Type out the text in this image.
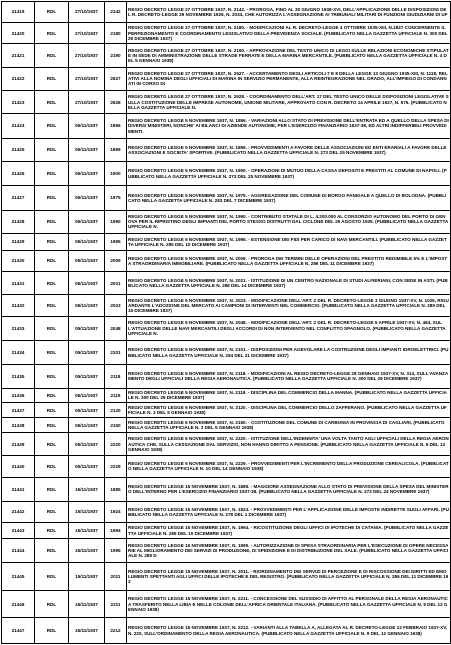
21419	RDL	27/10/1937	2142	REGIO DECRETO LEGGE 27 OTTOBRE 1937, N. 2142. - PROROGA, FINO AL 30 GIUGNO 1938-XVI, DELL'APPLICAZIONE DELLE DISPOSIZIONI DEL R. DECRETO-LEGGE 29 NOVEMBRE 1926, N. 2034, CHE AUTORIZZA L'ASSEGNAZIONE AI TRIBUNALI MILITARI DI FUNZIONI GIUDIZIARIE DI UF
21420	RDL	27/10/1937	2180	REGIO DECRETO LEGGE 27 OTTOBRE 1937, N. 2180. - MODIFICAZIONI AL R. DECRETO-LEGGE 4 OTTOBRE 1935-XIII, N.1827 CONCERNENTE IL PERFEZIONAMENTO E COORDINAMENTO LEGISLATIVO DELLA PREVIDENZA SOCIALE. (PUBBLICATO NELLA GAZZETTA UFFICIALE N. 300 DEL 29 DICEMBRE 1937)
21421	RDL	27/10/1937	2190	REGIO DECRETO LEGGE 27 OTTOBRE 1937, N. 2190. - APPROVAZIONE DEL TESTO UNICO DI LEGGI SULLE RELAZIONI ECONOMICHE STIPULATE IN SEDE DI AMMINISTRAZIONE DELLE STRADE FERRATE E DELLA MARINA MERCANTILE. (PUBBLICATO NELLA GAZZETTA UFFICIALE N. 4 DEL 5 GENNAIO 1938)
21422	RDL	27/10/1937	2627	REGIO DECRETO LEGGE 27 OTTOBRE 1937, N. 2627. - ACCERTAMENTO DEGLI ARTICOLI 7 E 8 DELLA LEGGE 13 GIUGNO 1935-XIII, N. 1118, RELATIVI ALLA NOMINA DEGLI UFFICIALI DI MARINA IN SERVIZIO PERMANENTE, ALLA REINTEGRAZIONE NEL GRADO, ALL'IMPIEGO DI CONDANNATI IN CORSO DI
21423	RDL	27/10/1937	2628	REGIO DECRETO LEGGE 27 OTTOBRE 1937, N. 2628. - COORDINAMENTO DELL'ART. 17 DEL TESTO UNICO DELLE DISPOSIZIONI LEGISLATIVE SULLA COSTITUZIONE DELLE IMPRESE AUTONOME, UNIONE MILITARE, APPROVATO CON R. DECRETO 14 APRILE 1927, N. 575. (PUBBLICATO NELLA GAZZETTA UFFICIALE N.
21424	RDL	05/11/1937	1856	REGIO DECRETO LEGGE 5 NOVEMBRE 1937, N. 1856. - VARIAZIONI ALLO STATO DI PREVISIONE DELL'ENTRATA ED A QUELLO DELLA SPESA DI DIVERSI MINISTERI, NONCHE' AI BILANCI DI AZIENDE AUTONOME, PER L'ESERCIZIO FINANZIARIO 1937-38, ED ALTRI INDIFFERIBILI PROVVEDIMENTI.
21425	RDL	05/11/1937	1899	REGIO DECRETO LEGGE 5 NOVEMBRE 1937, N. 1899. - PROVVEDIMENTI A FAVORE DELLE ASSOCIAZIONI ED ENTI ERARIALI A FAVORE DELLE ASSOCIAZIONI E SOCIETA' SPORTIVE. (PUBBLICATO NELLA GAZZETTA UFFICIALE N. 273 DEL 25 NOVEMBRE 1937)
21426	RDL	05/11/1937	1900	REGIO DECRETO LEGGE 5 NOVEMBRE 1937, N. 1900. - OPERAZIONI DI MUTUO DELLA CASSA DEPOSITI E PRESTITI AL COMUNE DI NAPOLI. (PUBBLICATO NELLA GAZZETTA UFFICIALE N. 273 DEL 25 NOVEMBRE 1937)
21427	RDL	05/11/1937	1975	REGIO DECRETO LEGGE 5 NOVEMBRE 1937, N. 1975. - AGGREGAZIONE DEL COMUNE DI BORGO PANIGALE A QUELLO DI BOLOGNA. (PUBBLICATO NELLA GAZZETTA UFFICIALE N. 283 DEL 7 DICEMBRE 1937)
21428	RDL	05/11/1937	1990	REGIO DECRETO LEGGE 5 NOVEMBRE 1937, N. 1990. - CONTRIBUTO STATALE DI L. 4.200.000 AL CONSORZIO AUTONOMO DEL PORTO DI GENOVA PER IL RIPRISTINO DEGLI IMPIANTI DEL PORTO STESSO DISTRUTTI DAL CICLONE DEL 25 AGOSTO 1935. (PUBBLICATO NELLA GAZZETTA UFFICIALE N.
21429	RDL	05/11/1937	1995	REGIO DECRETO LEGGE 5 NOVEMBRE 1937, N. 1995. - ESTENSIONE DEI FIDI PER CARICO DI NAVI MERCANTILI. (PUBBLICATO NELLA GAZZETTA UFFICIALE N. 285 DEL 10 DICEMBRE 1937)
21430	RDL	05/11/1937	2009	REGIO DECRETO LEGGE 5 NOVEMBRE 1937, N. 2009. - PROROGA DEI TERMINI DELLE OPERAZIONI DEL PRESTITO REDIMIBILE 5% E L'IMPOSTA STRAORDINARIA IMMOBILIARE. (PUBBLICATO NELLA GAZZETTA UFFICIALE N. 286 DEL 11 DICEMBRE 1937)
21431	RDL	05/11/1937	2021	REGIO DECRETO LEGGE 5 NOVEMBRE 1937, N. 2021. - ISTITUZIONE DI UN CENTRO NAZIONALE DI STUDI ALFIERIANI, CON SEDE IN ASTI. (PUBBLICATO NELLA GAZZETTA UFFICIALE N. 288 DEL 14 DICEMBRE 1937)
21432	RDL	05/11/1937	2023	REGIO DECRETO LEGGE 5 NOVEMBRE 1937, N. 2023. - MODIFICAZIONE DELL'ART. 2 DEL R. DECRETO-LEGGE 3 GIUGNO 1937-XV, N. 1025, RIGUARDANTE L'ADOZIONE DEL MERCATO AI CAMPIONI DI INTERVENTI NEL COMMERCIO. (PUBBLICATO NELLA GAZZETTA UFFICIALE N. 289 DEL 15 DICEMBRE 1937)
21433	RDL	05/11/1937	2048	REGIO DECRETO LEGGE 5 NOVEMBRE 1937, N. 2048. - MODIFICAZIONE DELL'ART. 2 DEL R. DECRETO-LEGGE 5 APRILE 1937-XV, N. 464, SULL'ATTUAZIONE DELLE NAVI MERCANTILI DEGLI ACCORDI DI NON INTERVENTO NEL CONFLITTO SPAGNOLO. (PUBBLICATO NELLA GAZZETTA UFFICIALE N.
21434	RDL	05/11/1937	2101	REGIO DECRETO LEGGE 5 NOVEMBRE 1937, N. 2101. - DISPOSIZIONI PER AGEVOLARE LA COSTRUZIONE DEGLI IMPIANTI IDROELETTRICI. (PUBBLICATO NELLA GAZZETTA UFFICIALE N. 294 DEL 21 DICEMBRE 1937)
21435	RDL	05/11/1937	2118	REGIO DECRETO LEGGE 5 NOVEMBRE 1937, N. 2118. - MODIFICAZIONI AL REGIO DECRETO-LEGGE 28 GENNAIO 1937-XV, N. 314, SULL'AVANZAMENTO DEGLI UFFICIALI DELLA REGIA AERONAUTICA. (PUBBLICATO NELLA GAZZETTA UFFICIALE N. 300 DEL 29 DICEMBRE 1937)
21436	RDL	05/11/1937	2119	REGIO DECRETO LEGGE 5 NOVEMBRE 1937, N. 2119. - DISCIPLINA DEL COMMERCIO DELLA MANNA. (PUBBLICATO NELLA GAZZETTA UFFICIALE N. 300 DEL 29 DICEMBRE 1937)
21437	RDL	05/11/1937	2120	REGIO DECRETO LEGGE 5 NOVEMBRE 1937, N. 2120. - DISCIPLINA DEL COMMERCIO DELLO ZAFFERANO. (PUBBLICATO NELLA GAZZETTA UFFICIALE N. 3 DEL 5 GENNAIO 1938)
21438	RDL	05/11/1937	2150	REGIO DECRETO LEGGE 5 NOVEMBRE 1937, N. 2150. - COSTITUZIONE DEL COMUNE DI CARBONIA IN PROVINCIA DI CAGLIARI. (PUBBLICATO NELLA GAZZETTA UFFICIALE N. 3 DEL 5 GENNAIO 1938)
21439	RDL	05/11/1937	2220	REGIO DECRETO LEGGE 5 NOVEMBRE 1937, N. 2220. - ISTITUZIONE DELL'INDENNITA' UNA VOLTA TANTO AGLI UFFICIALI DELLA REGIA AERONAUTICA CHE, SULLA CESSAZIONE DAL SERVIZIO, NON HANNO DIRITTO A PENSIONE. (PUBBLICATO NELLA GAZZETTA UFFICIALE N. 9 DEL 12 GENNAIO 1938)
21440	RDL	05/11/1937	2229	REGIO DECRETO LEGGE 5 NOVEMBRE 1937, N. 2229. - PROVVEDIMENTI PER L'INCREMENTO DELLA PRODUZIONE CEREALICOLA. (PUBBLICATO NELLA GAZZETTA UFFICIALE N. 10 DEL 14 GENNAIO 1938)
21441	RDL	15/11/1937	1885	REGIO DECRETO LEGGE 15 NOVEMBRE 1937, N. 1885. - MAGGIORE ASSEGNAZIONE ALLO STATO DI PREVISIONE DELLA SPESA DEL MINISTERO DELL'INTERNO PER L'ESERCIZIO FINANZIARIO 1937-38. (PUBBLICATO NELLA GAZZETTA UFFICIALE N. 272 DEL 24 NOVEMBRE 1937)
21442	RDL	15/11/1937	1924	REGIO DECRETO LEGGE 15 NOVEMBRE 1937, N. 1924. - PROVVEDIMENTI PER L'APPLICAZIONE DELLE IMPOSTE INDIRETTE SUGLI AFFARI. (PUBBLICATO NELLA GAZZETTA UFFICIALE N. 278 DEL 1 DICEMBRE 1937)
21443	RDL	15/11/1937	1994	REGIO DECRETO LEGGE 15 NOVEMBRE 1937, N. 1994. - RICOSTITUZIONE DEGLI UFFICI DI IPOTECHE DI CATANIA. (PUBBLICATO NELLA GAZZETTA UFFICIALE N. 285 DEL 10 DICEMBRE 1937)
21444	RDL	15/11/1937	1995	REGIO DECRETO LEGGE 15 NOVEMBRE 1937, N. 1995. - AUTORIZZAZIONE DI SPESA STRAORDINARIA PER L'ESECUZIONE DI OPERE NECESSARIE AL MIGLIORAMENTO DEI SERVIZI DI PRODUZIONE, DI SPEDIZIONE E DI DISTRIBUZIONE DEL SALE. (PUBBLICATO NELLA GAZZETTA UFFICIALE N. 285 D
21445	RDL	15/11/1937	2011	REGIO DECRETO LEGGE 15 NOVEMBRE 1937, N. 2011. - RIORDINAMENTO DEI SERVIZI DI PERCEZIONE E DI RISCOSSIONE DEI DIRITTI ED EMOLUMENTI SPETTANTI AGLI UFFICI DELLE IPOTECHE E DEL REGISTRO. (PUBBLICATO NELLA GAZZETTA UFFICIALE N. 286 DEL 11 DICEMBRE 193
21446	RDL	15/11/1937	2211	REGIO DECRETO LEGGE 15 NOVEMBRE 1937, N. 2211. - CONCESSIONE DEL SUSSIDIO DI AFFITTO AL PERSONALE DELLA REGIA AERONAUTICA TRASFERITO NELLA LIBIA E NELLE COLONIE DELL'AFRICA ORIENTALE ITALIANA. (PUBBLICATO NELLA GAZZETTA UFFICIALE N. 9 DEL 12 GENNAIO 1938)
21447	RDL	15/11/1937	2212	REGIO DECRETO LEGGE 15 NOVEMBRE 1937, N. 2212. - VARIANTI ALLA TABELLA A, ALLEGATA AL R. DECRETO-LEGGE 22 FEBBRAIO 1937-XV, N. 220, SULL'ORDINAMENTO DELLA REGIA AERONAUTICA. (PUBBLICATO NELLA GAZZETTA UFFICIALE N. 9 DEL 12 GENNAIO 1938)
